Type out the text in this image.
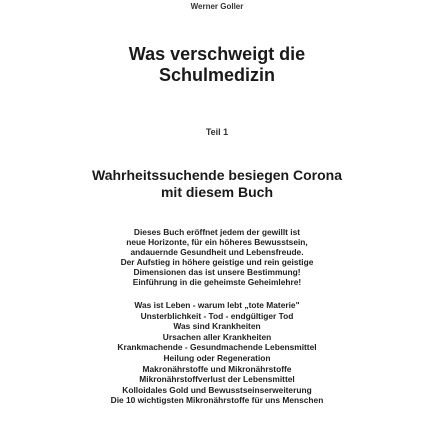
Werner Goller
Was verschweigt die
Schulmedizin
Teil 1
Wahrheitssuchende besiegen Corona
mit diesem Buch
Dieses Buch eröffnet jedem der gewillt ist
neue Horizonte, für ein höheres Bewusstsein,
andauernde Gesundheit und Lebensfreude.
Der Aufstieg in höhere geistige und rein geistige
Dimensionen das ist unsere Bestimmung!
Einführung in die geheimste Geheimlehre!
Was ist Leben - warum lebt „tote Materie"
Unsterblichkeit - Tod - endgültiger Tod
Was sind Krankheiten
Ursachen aller Krankheiten
Krankmachende - Gesundmachende Lebensmittel
Heilung oder Regeneration
Makronährstoffe und Mikronährstoffe
Mikronährstoffverlust der Lebensmittel
Kolloidales Gold und Bewusstseinserweiterung
Die 10 wichtigsten Mikronährstoffe für uns Menschen
